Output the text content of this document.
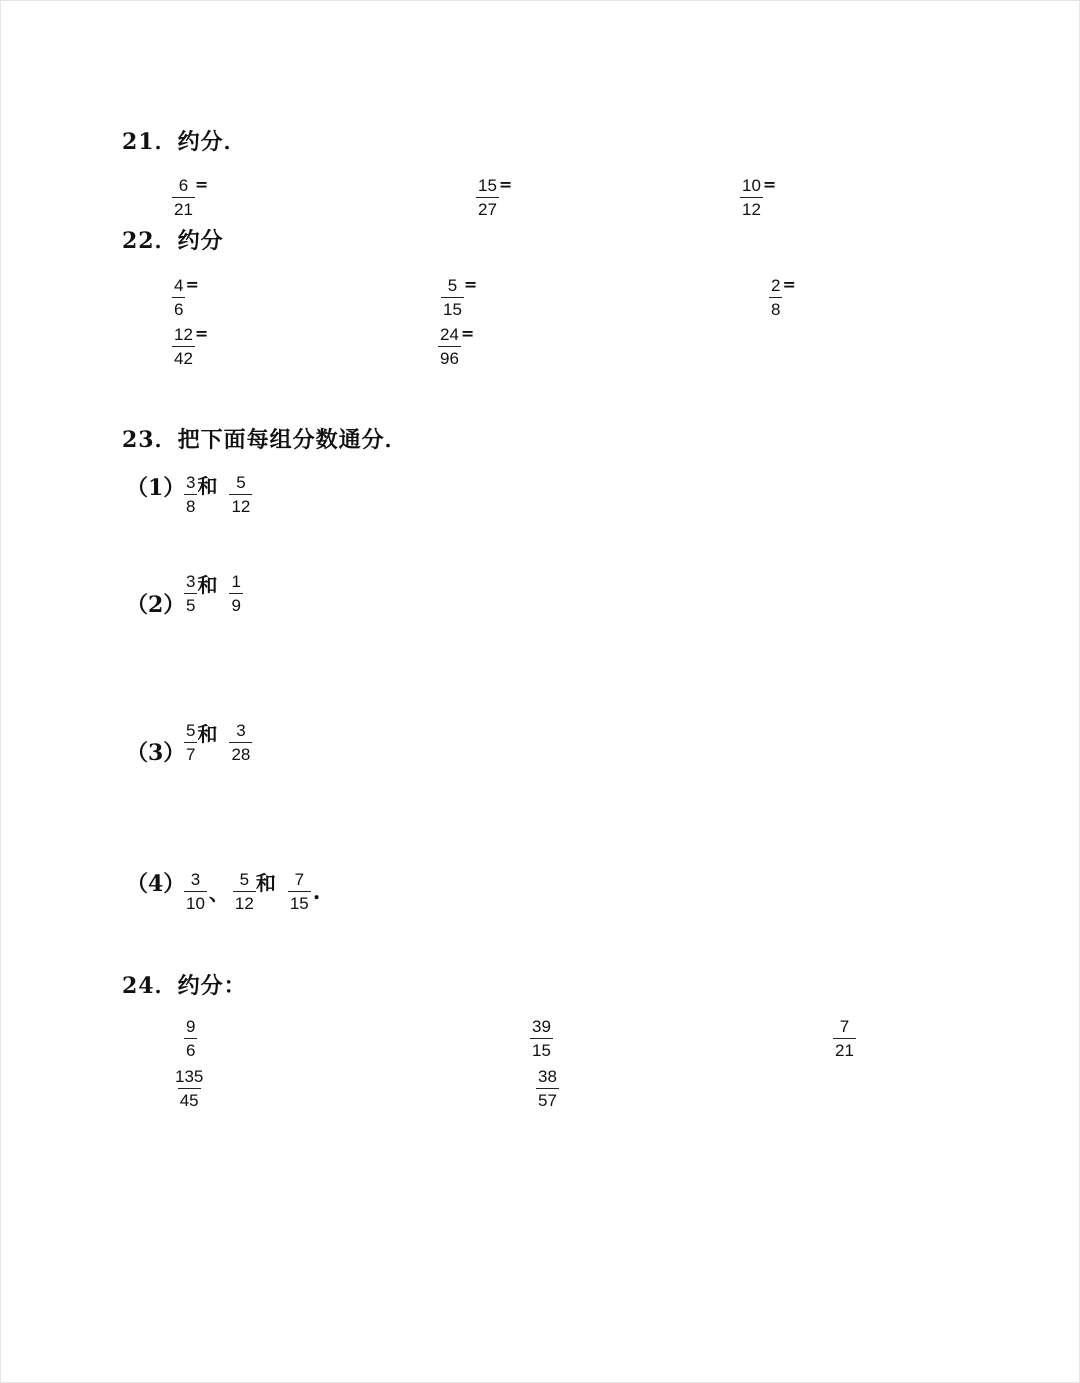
21．约分．
$\frac{6}{21}$ =	$\frac{15}{27}$ =	$\frac{10}{12}$ =
22．约分
$\frac{4}{6}$ =	$\frac{5}{15}$ =	$\frac{2}{8}$ =
$\frac{12}{42}$ =	$\frac{24}{96}$ =
23．把下面每组分数通分．
（1）
$\frac{3}{8}$ 和 $\frac{5}{12}$
（2）
$\frac{3}{5}$ 和 $\frac{1}{9}$
（3）
$\frac{5}{7}$ 和 $\frac{3}{28}$
（4）
$\frac{3}{10}$ 、 $\frac{5}{12}$ 和 $\frac{7}{15}$ .
24．约分：
$\frac{9}{6}$	$\frac{39}{15}$	$\frac{7}{21}$
$\frac{135}{45}$	$\frac{38}{57}$
